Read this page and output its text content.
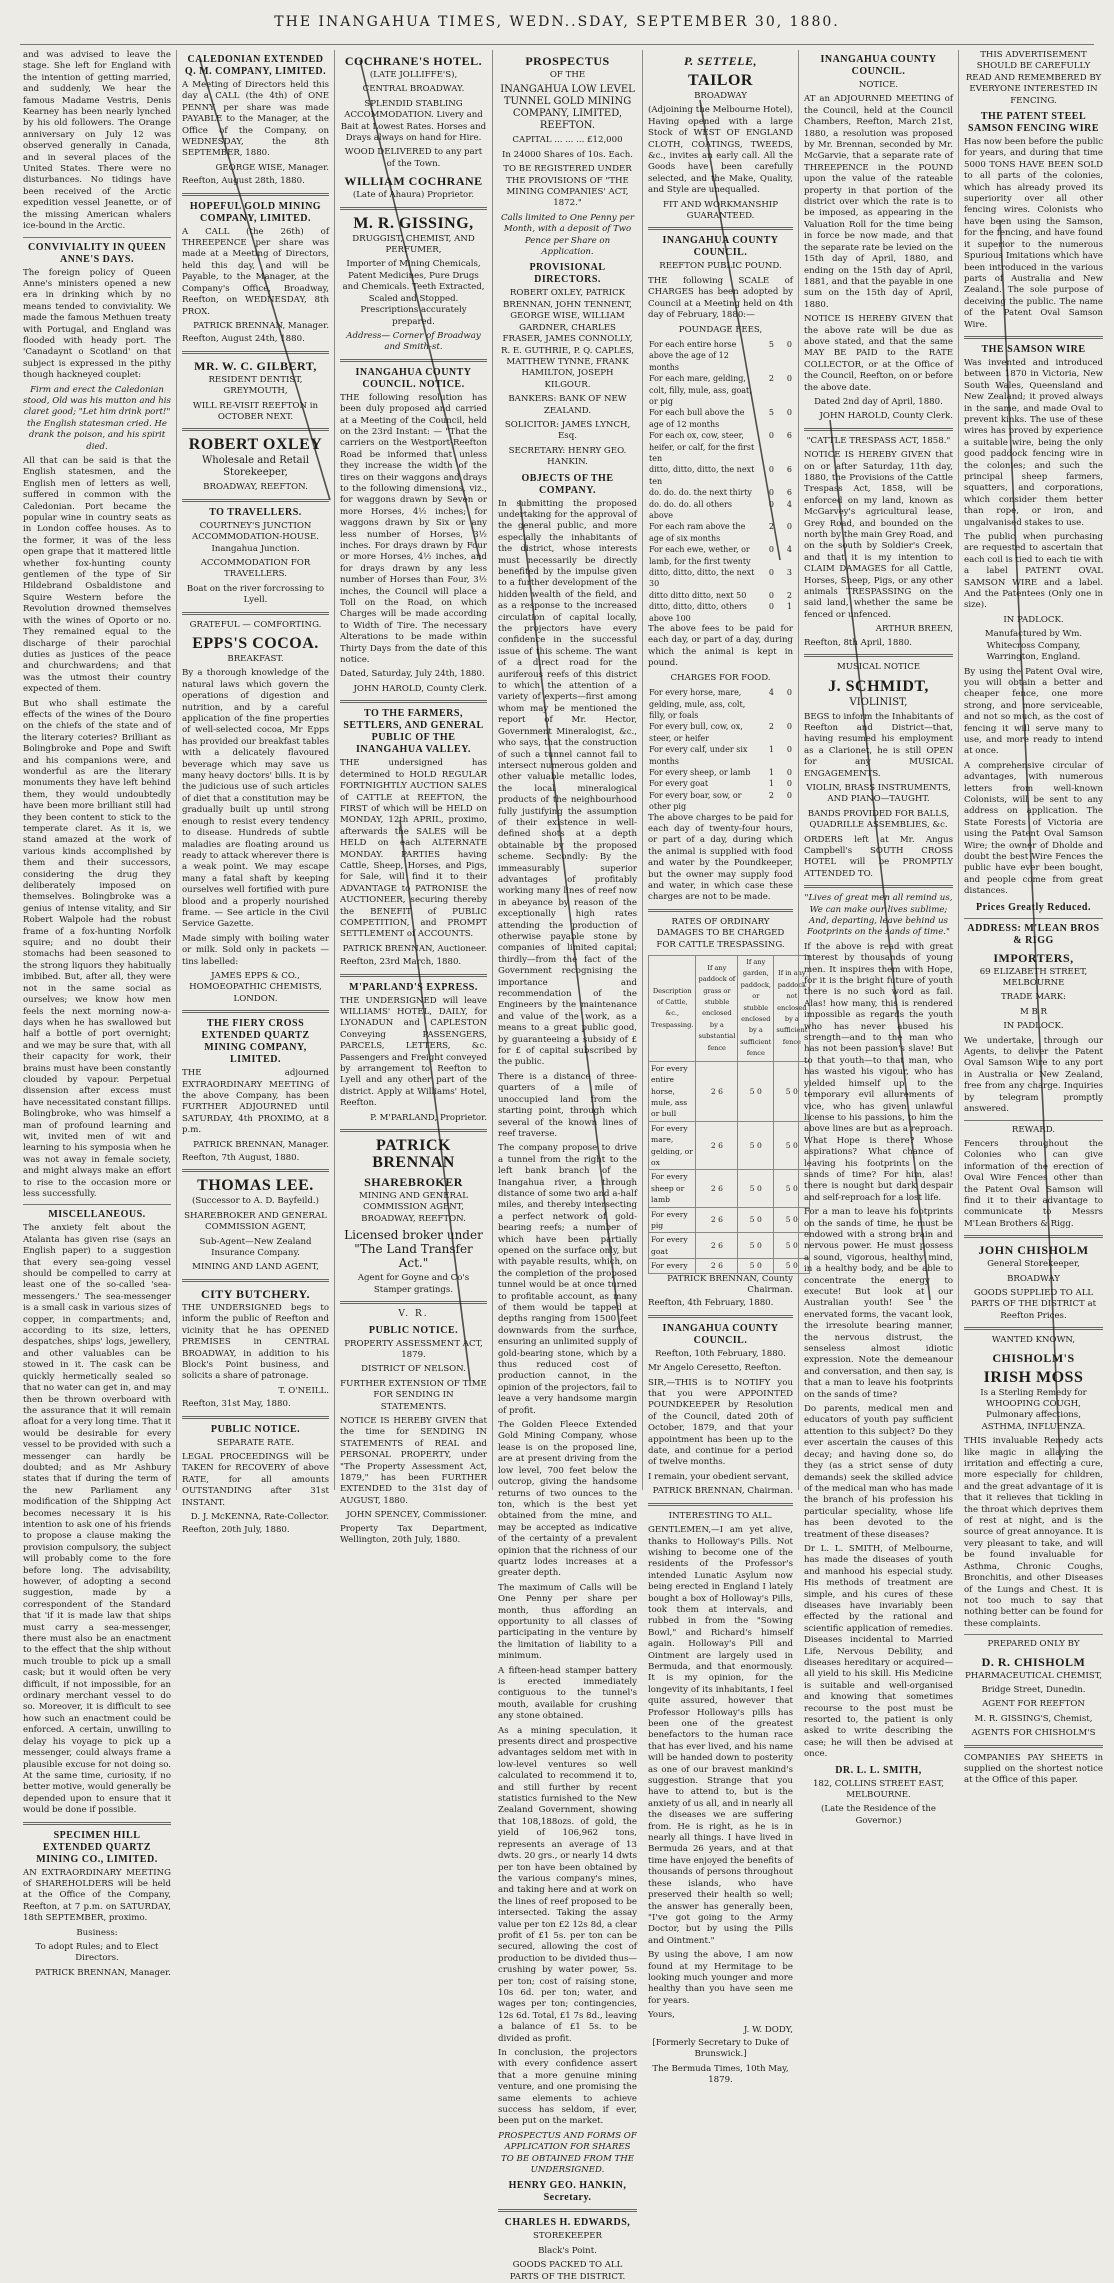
THE INANGAHUA TIMES, WEDN..SDAY, SEPTEMBER 30, 1880.

and was advised to leave the stage. She left for England with the intention of getting married, and suddenly, We hear the famous Madame Vestris, Denis Kearney has been nearly lynched by his old followers. The Orange anniversary on July 12 was observed generally in Canada, and in several places of the United States. There were no disturbances. No tidings have been received of the Arctic expedition vessel Jeanette, or of the missing American whalers ice-bound in the Arctic.

CONVIVIALITY IN QUEEN ANNE'S DAYS.

The foreign policy of Queen Anne's ministers opened a new era in drinking which by no means tended to conviviality. We made the famous Methuen treaty with Portugal, and England was flooded with heady port. The 'Canadaynt o Scotland' on that subject is expressed in the pithy though hackneyed couplet:

Firm and erect the Caledonian stood, Old was his mutton and his claret good; "Let him drink port!" the English statesman cried. He drank the poison, and his spirit died.

All that can be said is that the English statesmen, and the English men of letters as well, suffered in common with the Caledonian. Port became the popular wine in country seats as in London coffee houses. As to the former, it was of the less open grape that it mattered little whether fox-hunting county gentlemen of the type of Sir Hildebrand Osbaldistone and Squire Western before the Revolution drowned themselves with the wines of Oporto or no. They remained equal to the discharge of their parochial duties as justices of the peace and churchwardens; and that was the utmost their country expected of them.

But who shall estimate the effects of the wines of the Douro on the chiefs of the state and of the literary coteries? Brilliant as Bolingbroke and Pope and Swift and his companions were, and wonderful as are the literary monuments they have left behind them, they would undoubtedly have been more brilliant still had they been content to stick to the temperate claret. As it is, we stand amazed at the work of various kinds accomplished by them and their successors, considering the drug they deliberately imposed on themselves. Bolingbroke was a genius of intense vitality, and Sir Robert Walpole had the robust frame of a fox-hunting Norfolk squire; and no doubt their stomachs had been seasoned to the strong liquors they habitually imbibed. But, after all, they were not in the same social as ourselves; we know how men feels the next morning now-a-days when he has swallowed but half a bottle of port overnight; and we may be sure that, with all their capacity for work, their brains must have been constantly clouded by vapour. Perpetual dissension after excess must have necessitated constant fillips. Bolingbroke, who was himself a man of profound learning and wit, invited men of wit and learning to his symposia when he was not away in female society, and might always make an effort to rise to the occasion more or less successfully.

MISCELLANEOUS.

The anxiety felt about the Atalanta has given rise (says an English paper) to a suggestion that every sea-going vessel should be compelled to carry at least one of the so-called 'sea-messengers.' The sea-messenger is a small cask in various sizes of copper, in compartments; and, according to its size, letters, despatches, ships' logs, jewellery, and other valuables can be stowed in it. The cask can be quickly hermetically sealed so that no water can get in, and may then be thrown overboard with the assurance that it will remain afloat for a very long time. That it would be desirable for every vessel to be provided with such a messenger can hardly be doubted; and as Mr Ashbury states that if during the term of the new Parliament any modification of the Shipping Act becomes necessary it is his intention to ask one of his friends to propose a clause making the provision compulsory, the subject will probably come to the fore before long. The advisability, however, of adopting a second suggestion, made by a correspondent of the Standard that 'if it is made law that ships must carry a sea-messenger, there must also be an enactment to the effect that the ship without much trouble to pick up a small cask; but it would often be very difficult, if not impossible, for an ordinary merchant vessel to do so. Moreover, it is difficult to see how such an enactment could be enforced. A certain, unwilling to delay his voyage to pick up a messenger, could always frame a plausible excuse for not doing so. At the same time, curiosity, if no better motive, would generally be depended upon to ensure that it would be done if possible.

SPECIMEN HILL EXTENDED QUARTZ MINING CO., LIMITED.

AN EXTRAORDINARY MEETING of SHAREHOLDERS will be held at the Office of the Company, Reefton, at 7 p.m. on SATURDAY, 18th SEPTEMBER, proximo.

Business:

To adopt Rules; and to Elect Directors.

PATRICK BRENNAN, Manager.

CALEDONIAN EXTENDED Q. M. COMPANY, LIMITED.

A Meeting of Directors held this day a CALL (the 4th) of ONE PENNY per share was made PAYABLE to the Manager, at the Office of the Company, on WEDNESDAY, the 8th SEPTEMBER, 1880.

GEORGE WISE, Manager.

Reefton, August 28th, 1880.

HOPEFUL GOLD MINING COMPANY, LIMITED.

A CALL (the 26th) of THREEPENCE per share was made at a Meeting of Directors, held this day, and will be Payable, to the Manager, at the Company's Office, Broadway, Reefton, on WEDNESDAY, 8th PROX.

PATRICK BRENNAN, Manager.

Reefton, August 24th, 1880.

MR. W. C. GILBERT,

RESIDENT DENTIST, GREYMOUTH,

WILL RE-VISIT REEFTON in OCTOBER NEXT.

ROBERT OXLEY

Wholesale and Retail Storekeeper,

BROADWAY, REEFTON.

TO TRAVELLERS.

COURTNEY'S JUNCTION ACCOMMODATION-HOUSE. Inangahua Junction.

ACCOMMODATION FOR TRAVELLERS.

Boat on the river forcrossing to Lyell.

GRATEFUL — COMFORTING.

EPPS'S COCOA.

BREAKFAST.

By a thorough knowledge of the natural laws which govern the operations of digestion and nutrition, and by a careful application of the fine properties of well-selected cocoa, Mr Epps has provided our breakfast tables with a delicately flavoured beverage which may save us many heavy doctors' bills. It is by the judicious use of such articles of diet that a constitution may be gradually built up until strong enough to resist every tendency to disease. Hundreds of subtle maladies are floating around us ready to attack wherever there is a weak point. We may escape many a fatal shaft by keeping ourselves well fortified with pure blood and a properly nourished frame. — See article in the Civil Service Gazette.

Made simply with boiling water or milk. Sold only in packets — tins labelled:

JAMES EPPS & CO., HOMOEOPATHIC CHEMISTS, LONDON.

THE FIERY CROSS EXTENDED QUARTZ MINING COMPANY, LIMITED.

THE adjourned EXTRAORDINARY MEETING of the above Company, has been FURTHER ADJOURNED until SATURDAY, 4th PROXIMO, at 8 p.m.

PATRICK BRENNAN, Manager.

Reefton, 7th August, 1880.

THOMAS LEE.

(Successor to A. D. Bayfeild.)

SHAREBROKER AND GENERAL COMMISSION AGENT,

Sub-Agent—New Zealand Insurance Company.

MINING AND LAND AGENT,

CITY BUTCHERY.

THE UNDERSIGNED begs to inform the public of Reefton and vicinity that he has OPENED PREMISES in CENTRAL BROADWAY, in addition to his Block's Point business, and solicits a share of patronage.

T. O'NEILL.

Reefton, 31st May, 1880.

PUBLIC NOTICE.

SEPARATE RATE.

LEGAL PROCEEDINGS will be TAKEN for RECOVERY of above RATE, for all amounts OUTSTANDING after 31st INSTANT.

D. J. McKENNA, Rate-Collector.

Reefton, 20th July, 1880.

COCHRANE'S HOTEL.

(LATE JOLLIFFE'S),

CENTRAL BROADWAY.

SPLENDID STABLING ACCOMMODATION. Livery and Bait at Lowest Rates. Horses and Drays always on hand for Hire.

WOOD DELIVERED to any part of the Town.

WILLIAM COCHRANE

(Late of Ahaura) Proprietor.

M. R. GISSING,

DRUGGIST, CHEMIST, AND PERFUMER,

Importer of Mining Chemicals, Patent Medicines, Pure Drugs and Chemicals. Teeth Extracted, Scaled and Stopped. Prescriptions accurately prepared.

Address— Corner of Broadway and Smith-st.

INANGAHUA COUNTY COUNCIL. NOTICE.

THE following resolution has been duly proposed and carried at a Meeting of the Council, held on the 23rd Instant: — "That the carriers on the Westport-Reefton Road be informed that unless they increase the width of the tires on their waggons and drays to the following dimensions, viz., for waggons drawn by Seven or more Horses, 4½ inches; for waggons drawn by Six or any less number of Horses, 3½ inches. For drays drawn by Four or more Horses, 4½ inches, and for drays drawn by any less number of Horses than Four, 3½ inches, the Council will place a Toll on the Road, on which Charges will be made according to Width of Tire. The necessary Alterations to be made within Thirty Days from the date of this notice.

Dated, Saturday, July 24th, 1880.

JOHN HAROLD, County Clerk.

TO THE FARMERS, SETTLERS, AND GENERAL PUBLIC OF THE INANGAHUA VALLEY.

THE undersigned has determined to HOLD REGULAR FORTNIGHTLY AUCTION SALES of CATTLE at REEFTON, the FIRST of which will be HELD on MONDAY, 12th APRIL, proximo, afterwards the SALES will be HELD on each ALTERNATE MONDAY. PARTIES having Cattle, Sheep, Horses, and Pigs, for Sale, will find it to their ADVANTAGE to PATRONISE the AUCTIONEER, securing thereby the BENEFIT of PUBLIC COMPETITION, and PROMPT SETTLEMENT of ACCOUNTS.

PATRICK BRENNAN, Auctioneer.

Reefton, 23rd March, 1880.

M'PARLAND'S EXPRESS.

THE UNDERSIGNED will leave WILLIAMS' HOTEL, DAILY, for LYONADUN and CAPLESTON Conveying PASSENGERS, PARCELS, LETTERS, &c. Passengers and Freight conveyed by arrangement to Reefton to Lyell and any other part of the district. Apply at Williams' Hotel, Reefton.

P. M'PARLAND, Proprietor.

PATRICK BRENNAN
SHAREBROKER

MINING AND GENERAL COMMISSION AGENT, BROADWAY, REEFTON.

Licensed broker under "The Land Transfer Act."

Agent for Goyne and Co's Stamper gratings.

V. R.

PUBLIC NOTICE.

PROPERTY ASSESSMENT ACT, 1879.

DISTRICT OF NELSON.

FURTHER EXTENSION OF TIME FOR SENDING IN STATEMENTS.

NOTICE IS HEREBY GIVEN that the time for SENDING IN STATEMENTS of REAL and PERSONAL PROPERTY, under "The Property Assessment Act, 1879," has been FURTHER EXTENDED to the 31st day of AUGUST, 1880.

JOHN SPENCEY, Commissioner.

Property Tax Department, Wellington, 20th July, 1880.

PROSPECTUS

OF THE

INANGAHUA LOW LEVEL TUNNEL GOLD MINING COMPANY, LIMITED, REEFTON.

CAPITAL ... ... ... £12,000

In 24000 Shares of 10s. Each.

TO BE REGISTERED UNDER THE PROVISIONS OF "THE MINING COMPANIES' ACT, 1872."

Calls limited to One Penny per Month, with a deposit of Two Pence per Share on Application.

PROVISIONAL DIRECTORS.

ROBERT OXLEY, PATRICK BRENNAN, JOHN TENNENT, GEORGE WISE, WILLIAM GARDNER, CHARLES FRASER, JAMES CONNOLLY, R. E. GUTHRIE, P. Q. CAPLES, MATTHEW TYNNE, FRANK HAMILTON, JOSEPH KILGOUR.

BANKERS: BANK OF NEW ZEALAND.

SOLICITOR: JAMES LYNCH, Esq.

SECRETARY: HENRY GEO. HANKIN.

OBJECTS OF THE COMPANY.

In submitting the proposed undertaking for the approval of the general public, and more especially the inhabitants of the district, whose interests must necessarily be directly benefited by the impulse given to a further development of the hidden wealth of the field, and as a response to the increased circulation of capital locally, the projectors have every confidence in the successful issue of this scheme. The want of a direct road for the auriferous reefs of this district to which the attention of a variety of experts—first among whom may be mentioned the report of Mr. Hector, Government Mineralogist, &c., who says, that the construction of such a tunnel cannot fail to intersect numerous golden and other valuable metallic lodes, the local mineralogical products of the neighbourhood fully justifying the assumption of their existence in well-defined shots at a depth obtainable by the proposed scheme. Secondly: By the immeasurably superior advantages of profitably working many lines of reef now in abeyance by reason of the exceptionally high rates attending the production of otherwise payable stone by companies of limited capital; thirdly—from the fact of the Government recognising the importance and recommendation of the Engineers by the maintenance and value of the work, as a means to a great public good, by guaranteeing a subsidy of £ for £ of capital subscribed by the public.

There is a distance of three-quarters of a mile of unoccupied land from the starting point, through which several of the known lines of reef traverse.

The company propose to drive a tunnel from the right to the left bank branch of the Inangahua river, a through distance of some two and a-half miles, and thereby intersecting a perfect network of gold-bearing reefs; a number of which have been partially opened on the surface only, but with payable results, which, on the completion of the proposed tunnel would be at once turned to profitable account, as many of them would be tapped at depths ranging from 1500 feet downwards from the surface, ensuring an unlimited supply of gold-bearing stone, which by a thus reduced cost of production cannot, in the opinion of the projectors, fail to leave a very handsome margin of profit.

The Golden Fleece Extended Gold Mining Company, whose lease is on the proposed line, are at present driving from the low level, 700 feet below the outcrop, giving the handsome returns of two ounces to the ton, which is the best yet obtained from the mine, and may be accepted as indicative of the certainty of a prevalent opinion that the richness of our quartz lodes increases at a greater depth.

The maximum of Calls will be One Penny per share per month, thus affording an opportunity to all classes of participating in the venture by the limitation of liability to a minimum.

A fifteen-head stamper battery is erected immediately contiguous to the tunnel's mouth, available for crushing any stone obtained.

As a mining speculation, it presents direct and prospective advantages seldom met with in low-level ventures so well calculated to recommend it to, and still further by recent statistics furnished to the New Zealand Government, showing that 108,188ozs. of gold, the yield of 106,962 tons, represents an average of 13 dwts. 20 grs., or nearly 14 dwts per ton have been obtained by the various company's mines, and taking here and at work on the lines of reef proposed to be intersected. Taking the assay value per ton £2 12s 8d, a clear profit of £1 5s. per ton can be secured, allowing the cost of production to be divided thus—crushing by water power, 5s. per ton; cost of raising stone, 10s 6d. per ton; water, and wages per ton; contingencies, 12s 6d. Total, £1 7s 8d., leaving a balance of £1 5s. to be divided as profit.

In conclusion, the projectors with every confidence assert that a more genuine mining venture, and one promising the same elements to achieve success has seldom, if ever, been put on the market.

PROSPECTUS AND FORMS OF APPLICATION FOR SHARES TO BE OBTAINED FROM THE UNDERSIGNED.

HENRY GEO. HANKIN, Secretary.
CHARLES H. EDWARDS,

STOREKEEPER

Black's Point.

GOODS PACKED TO ALL PARTS OF THE DISTRICT.

P. SETTELE,
TAILOR

BROADWAY

(Adjoining the Melbourne Hotel), Having opened with a large Stock of WEST OF ENGLAND CLOTH, COATINGS, TWEEDS, &c., invites an early call. All the Goods have been carefully selected, and the Make, Quality, and Style are unequalled.

FIT AND WORKMANSHIP GUARANTEED.

INANGAHUA COUNTY COUNCIL.

REEFTON PUBLIC POUND.

THE following SCALE of CHARGES has been adopted by Council at a Meeting held on 4th day of February, 1880:—

POUNDAGE FEES,

For each entire horse above the age of 12 months	5	0
For each mare, gelding, colt, filly, mule, ass, goat, or pig	2	0
For each bull above the age of 12 months	5	0
For each ox, cow, steer, heifer, or calf, for the first ten	0	6
ditto, ditto, ditto, the next ten	0	6
do. do. do. the next thirty	0	6
do. do. do. all others above	0	4
For each ram above the age of six months	2	0
For each ewe, wether, or lamb, for the first twenty	0	4
ditto, ditto, ditto, the next 30	0	3
ditto ditto ditto, next 50	0	2
ditto, ditto, ditto, others above 100	0	1

The above fees to be paid for each day, or part of a day, during which the animal is kept in pound.

CHARGES FOR FOOD.

For every horse, mare, gelding, mule, ass, colt, filly, or foals	4	0
For every bull, cow, ox, steer, or heifer	2	0
For every calf, under six months	1	0
For every sheep, or lamb	1	0
For every goat	1	0
For every boar, sow, or other pig	2	0

The above charges to be paid for each day of twenty-four hours, or part of a day, during which the animal is supplied with food and water by the Poundkeeper, but the owner may supply food and water, in which case these charges are not to be made.

RATES OF ORDINARY DAMAGES TO BE CHARGED FOR CATTLE TRESPASSING.

Description of Cattle, &c., Trespassing.	If any paddock of grass or stubble enclosed by a substantial fence	If any garden, paddock, or stubble enclosed by a sufficient fence	If in any paddock not enclosed by a sufficient fence
For every entire horse, mule, ass or bull	2 6	5 0	5 0
For every mare, gelding, or ox	2 6	5 0	5 0
For every sheep or lamb	2 6	5 0	5 0
For every pig	2 6	5 0	5 0
For every goat	2 6	5 0	5 0
For every	2 6	5 0	5 0

PATRICK BRENNAN, County Chairman.

Reefton, 4th February, 1880.

INANGAHUA COUNTY COUNCIL.

Reefton, 10th February, 1880.

Mr Angelo Ceresetto, Reefton.

SIR,—THIS is to NOTIFY you that you were APPOINTED POUNDKEEPER by Resolution of the Council, dated 20th of October, 1879, and that your appointment has been up to the date, and continue for a period of twelve months.

I remain, your obedient servant,

PATRICK BRENNAN, Chairman.

INTERESTING TO ALL.

GENTLEMEN,—I am yet alive, thanks to Holloway's Pills. Not wishing to become one of the residents of the Professor's intended Lunatic Asylum now being erected in England I lately bought a box of Holloway's Pills, took them at intervals, and rubbed in from the "Sowing Bowl," and Richard's himself again. Holloway's Pill and Ointment are largely used in Bermuda, and that enormously. It is my opinion, for the longevity of its inhabitants, I feel quite assured, however that Professor Holloway's pills has been one of the greatest benefactors to the human race that has ever lived, and his name will be handed down to posterity as one of our bravest mankind's suggestion. Strange that you have to attend to, but is the anxiety of us all, and in nearly all the diseases we are suffering from. He is right, as he is in nearly all things. I have lived in Bermuda 26 years, and at that time have enjoyed the benefits of thousands of persons throughout these islands, who have preserved their health so well; the answer has generally been, "I've got going to the Army Doctor, but by using the Pills and Ointment."

By using the above, I am now found at my Hermitage to be looking much younger and more healthy than you have seen me for years.

Yours,

J. W. DODY,

[Formerly Secretary to Duke of Brunswick.]

The Bermuda Times, 10th May, 1879.

INANGAHUA COUNTY COUNCIL.

NOTICE.

AT an ADJOURNED MEETING of the Council, held at the Council Chambers, Reefton, March 21st, 1880, a resolution was proposed by Mr. Brennan, seconded by Mr. McGarvie, that a separate rate of THREEPENCE in the POUND upon the value of the rateable property in that portion of the district over which the rate is to be imposed, as appearing in the Valuation Roll for the time being in force be now made, and that the separate rate be levied on the 15th day of April, 1880, and ending on the 15th day of April, 1881, and that the payable in one sum on the 15th day of April, 1880.

NOTICE IS HEREBY GIVEN that the above rate will be due as above stated, and that the same MAY BE PAID to the RATE COLLECTOR, or at the Office of the Council, Reefton, on or before the above date.

Dated 2nd day of April, 1880.

JOHN HAROLD, County Clerk.

"CATTLE TRESPASS ACT, 1858."

NOTICE IS HEREBY GIVEN that on or after Saturday, 11th day, 1880, the Provisions of the Cattle Trespass Act, 1858, will be enforced on my land, known as McGarvey's agricultural lease, Grey Road, and bounded on the north by the main Grey Road, and on the south by Soldier's Creek, and that it is my intention to CLAIM DAMAGES for all Cattle, Horses, Sheep, Pigs, or any other animals TRESPASSING on the said land, whether the same be fenced or unfenced.

ARTHUR BREEN,

Reefton, 8th April, 1880.

MUSICAL NOTICE

J. SCHMIDT,

VIOLINIST,

BEGS to inform the Inhabitants of Reefton and District—that, having resumed his employment as a Clarionet, he is still OPEN for any MUSICAL ENGAGEMENTS.

VIOLIN, BRASS INSTRUMENTS, AND PIANO—TAUGHT.

BANDS PROVIDED FOR BALLS, QUADRILLE ASSEMBLIES, &c.

ORDERS left at Mr. Angus Campbell's SOUTH CROSS HOTEL will be PROMPTLY ATTENDED TO.

"Lives of great men all remind us, We can make our lives sublime; And, departing, leave behind us Footprints on the sands of time."

If the above is read with great interest by thousands of young men. It inspires them with Hope, for it is the bright future of youth there is no such word as fail. Alas! how many, this is rendered impossible as regards the youth who has never abused his strength—and to the man who has not been passion's slave! But to that youth—to that man, who has wasted his vigour, who has yielded himself up to the temporary evil allurements of vice, who has given unlawful license to his passions, to him the above lines are but as a reproach. What Hope is there? Whose aspirations? What chance of leaving his footprints on the sands of time? For him, alas! there is nought but dark despair and self-reproach for a lost life.

For a man to leave his footprints on the sands of time, he must be endowed with a strong brain and nervous power. He must possess a sound, vigorous, healthy mind, in a healthy body, and be able to concentrate the energy to execute! But look at our Australian youth! See the enervated forms, the vacant look, the irresolute bearing manner, the nervous distrust, the senseless almost idiotic expression. Note the demeanour and conversation, and then say, is that a man to leave his footprints on the sands of time?

Do parents, medical men and educators of youth pay sufficient attention to this subject? Do they ever ascertain the causes of this decay; and having done so, do they (as a strict sense of duty demands) seek the skilled advice of the medical man who has made the branch of his profession his particular speciality, whose life has been devoted to the treatment of these diseases?

Dr L. L. SMITH, of Melbourne, has made the diseases of youth and manhood his especial study. His methods of treatment are simple, and his cures of these diseases have invariably been effected by the rational and scientific application of remedies. Diseases incidental to Married Life, Nervous Debility, and diseases hereditary or acquired—all yield to his skill. His Medicine is suitable and well-organised and knowing that sometimes recourse to the post must be resorted to, the patient is only asked to write describing the case; he will then be advised at once.

DR. L. L. SMITH,

182, COLLINS STREET EAST, MELBOURNE.

(Late the Residence of the Governor.)

THIS ADVERTISEMENT SHOULD BE CAREFULLY READ AND REMEMBERED BY EVERYONE INTERESTED IN FENCING.

THE PATENT STEEL SAMSON FENCING WIRE

Has now been before the public for years, and during that time 5000 TONS HAVE BEEN SOLD to all parts of the colonies, which has already proved its superiority over all other fencing wires. Colonists who have been using the Samson, for the fencing, and have found it superior to the numerous Spurious Imitations which have been introduced in the various parts of Australia and New Zealand. The sole purpose of deceiving the public. The name of the Patent Oval Samson Wire.

THE SAMSON WIRE

Was invented and introduced between 1870 in Victoria, New South Wales, Queensland and New Zealand; it proved always in the same, and made Oval to prevent kinks. The use of these wires has proved by experience a suitable wire, being the only good paddock fencing wire in the colonies; and such the principal sheep farmers, squatters, and corporations, which consider them better than rope, or iron, and ungalvanised stakes to use.

The public when purchasing are requested to ascertain that each coil is tied to each tie with a label PATENT OVAL SAMSON WIRE and a label. And the Patentees (Only one in size).

IN PADLOCK.

Manufactured by Wm. Whitecross Company, Warrington, England.

By using the Patent Oval wire, you will obtain a better and cheaper fence, one more strong, and more serviceable, and not so much, as the cost of fencing it will serve many to use, and more ready to intend at once.

A comprehensive circular of advantages, with numerous letters from well-known Colonists, will be sent to any address on application. The State Forests of Victoria are using the Patent Oval Samson Wire; the owner of Dholde and doubt the best Wire Fences the public have ever been bought, and people come from great distances.

Prices Greatly Reduced.
ADDRESS: M'LEAN BROS & RIGG
IMPORTERS,

69 ELIZABETH STREET, MELBOURNE

TRADE MARK:

M B R

IN PADLOCK.

We undertake, through our Agents, to deliver the Patent Oval Samson Wire to any port in Australia or New Zealand, free from any charge. Inquiries by telegram promptly answered.

REWARD.

Fencers throughout the Colonies who can give information of the erection of Oval Wire Fences other than the Patent Oval Samson will find it to their advantage to communicate to Messrs M'Lean Brothers & Rigg.

JOHN CHISHOLM

General Storekeeper,

BROADWAY

GOODS SUPPLIED TO ALL PARTS OF THE DISTRICT at Reefton Prices.

WANTED KNOWN,

CHISHOLM'S
IRISH MOSS

Is a Sterling Remedy for WHOOPING COUGH, Pulmonary affections, ASTHMA, INFLUENZA.

THIS invaluable Remedy acts like magic in allaying the irritation and effecting a cure, more especially for children, and the great advantage of it is that it relieves that tickling in the throat which deprives them of rest at night, and is the source of great annoyance. It is very pleasant to take, and will be found invaluable for Asthma, Chronic Coughs, Bronchitis, and other Diseases of the Lungs and Chest. It is not too much to say that nothing better can be found for these complaints.

PREPARED ONLY BY

D. R. CHISHOLM

PHARMACEUTICAL CHEMIST,

Bridge Street, Dunedin.

AGENT FOR REEFTON

M. R. GISSING'S, Chemist,

AGENTS FOR CHISHOLM'S

COMPANIES PAY SHEETS in supplied on the shortest notice at the Office of this paper.
